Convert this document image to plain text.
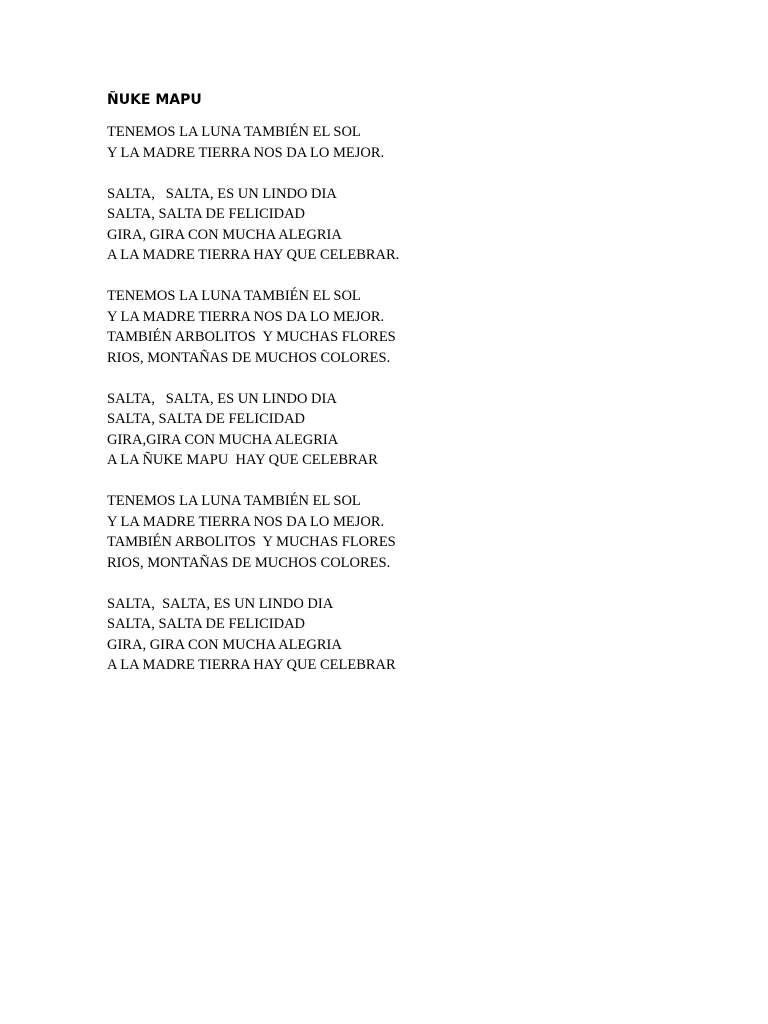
ÑUKE MAPU
TENEMOS LA LUNA TAMBIÉN EL SOL
Y LA MADRE TIERRA NOS DA LO MEJOR.
SALTA,   SALTA, ES UN LINDO DIA
SALTA, SALTA DE FELICIDAD
GIRA, GIRA CON MUCHA ALEGRIA
A LA MADRE TIERRA HAY QUE CELEBRAR.
TENEMOS LA LUNA TAMBIÉN EL SOL
Y LA MADRE TIERRA NOS DA LO MEJOR.
TAMBIÉN ARBOLITOS  Y MUCHAS FLORES
RIOS, MONTAÑAS DE MUCHOS COLORES.
SALTA,   SALTA, ES UN LINDO DIA
SALTA, SALTA DE FELICIDAD
GIRA,GIRA CON MUCHA ALEGRIA
A LA ÑUKE MAPU  HAY QUE CELEBRAR
TENEMOS LA LUNA TAMBIÉN EL SOL
Y LA MADRE TIERRA NOS DA LO MEJOR.
TAMBIÉN ARBOLITOS  Y MUCHAS FLORES
RIOS, MONTAÑAS DE MUCHOS COLORES.
SALTA,  SALTA, ES UN LINDO DIA
SALTA, SALTA DE FELICIDAD
GIRA, GIRA CON MUCHA ALEGRIA
A LA MADRE TIERRA HAY QUE CELEBRAR
